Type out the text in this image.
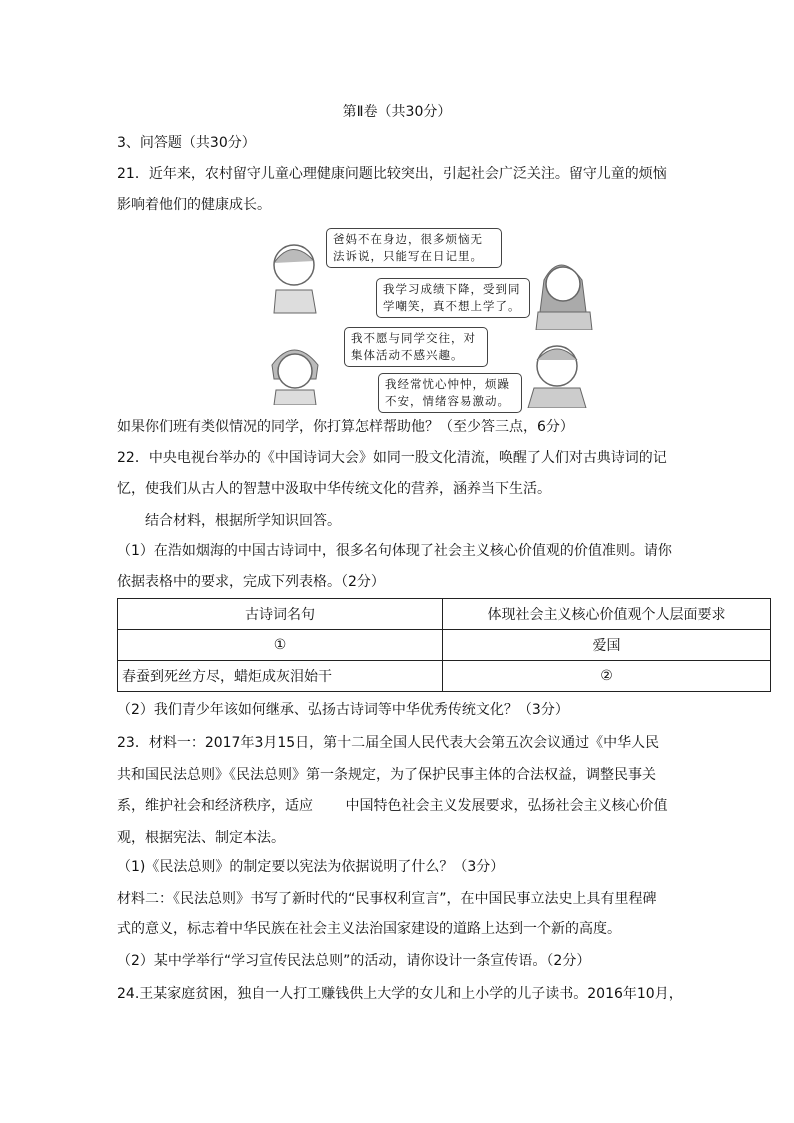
第Ⅱ卷（共30分）
3、问答题（共30分）
21．近年来，农村留守儿童心理健康问题比较突出，引起社会广泛关注。留守儿童的烦恼
影响着他们的健康成长。
爸妈不在身边，很多烦恼无法诉说，只能写在日记里。
我学习成绩下降，受到同学嘲笑，真不想上学了。
我不愿与同学交往，对集体活动不感兴趣。
我经常忧心忡忡，烦躁不安，情绪容易激动。
如果你们班有类似情况的同学，你打算怎样帮助他？（至少答三点，6分）
22．中央电视台举办的《中国诗词大会》如同一股文化清流，唤醒了人们对古典诗词的记
忆，使我们从古人的智慧中汲取中华传统文化的营养，涵养当下生活。
结合材料，根据所学知识回答。
（1）在浩如烟海的中国古诗词中，很多名句体现了社会主义核心价值观的价值准则。请你
依据表格中的要求，完成下列表格。（2分）
古诗词名句	体现社会主义核心价值观个人层面要求
①	爱国
春蚕到死丝方尽，蜡炬成灰泪始干	②
（2）我们青少年该如何继承、弘扬古诗词等中华优秀传统文化？（3分）
23．材料一：2017年3月15日，第十二届全国人民代表大会第五次会议通过《中华人民
共和国民法总则》《民法总则》第一条规定，为了保护民事主体的合法权益，调整民事关
系，维护社会和经济秩序，适应　　 中国特色社会主义发展要求，弘扬社会主义核心价值
观，根据宪法、制定本法。
（1)《民法总则》的制定要以宪法为依据说明了什么？（3分）
材料二：《民法总则》书写了新时代的“民事权利宣言”，在中国民事立法史上具有里程碑
式的意义，标志着中华民族在社会主义法治国家建设的道路上达到一个新的高度。
（2）某中学举行“学习宣传民法总则”的活动，请你设计一条宣传语。（2分）
24.王某家庭贫困，独自一人打工赚钱供上大学的女儿和上小学的儿子读书。2016年10月，
